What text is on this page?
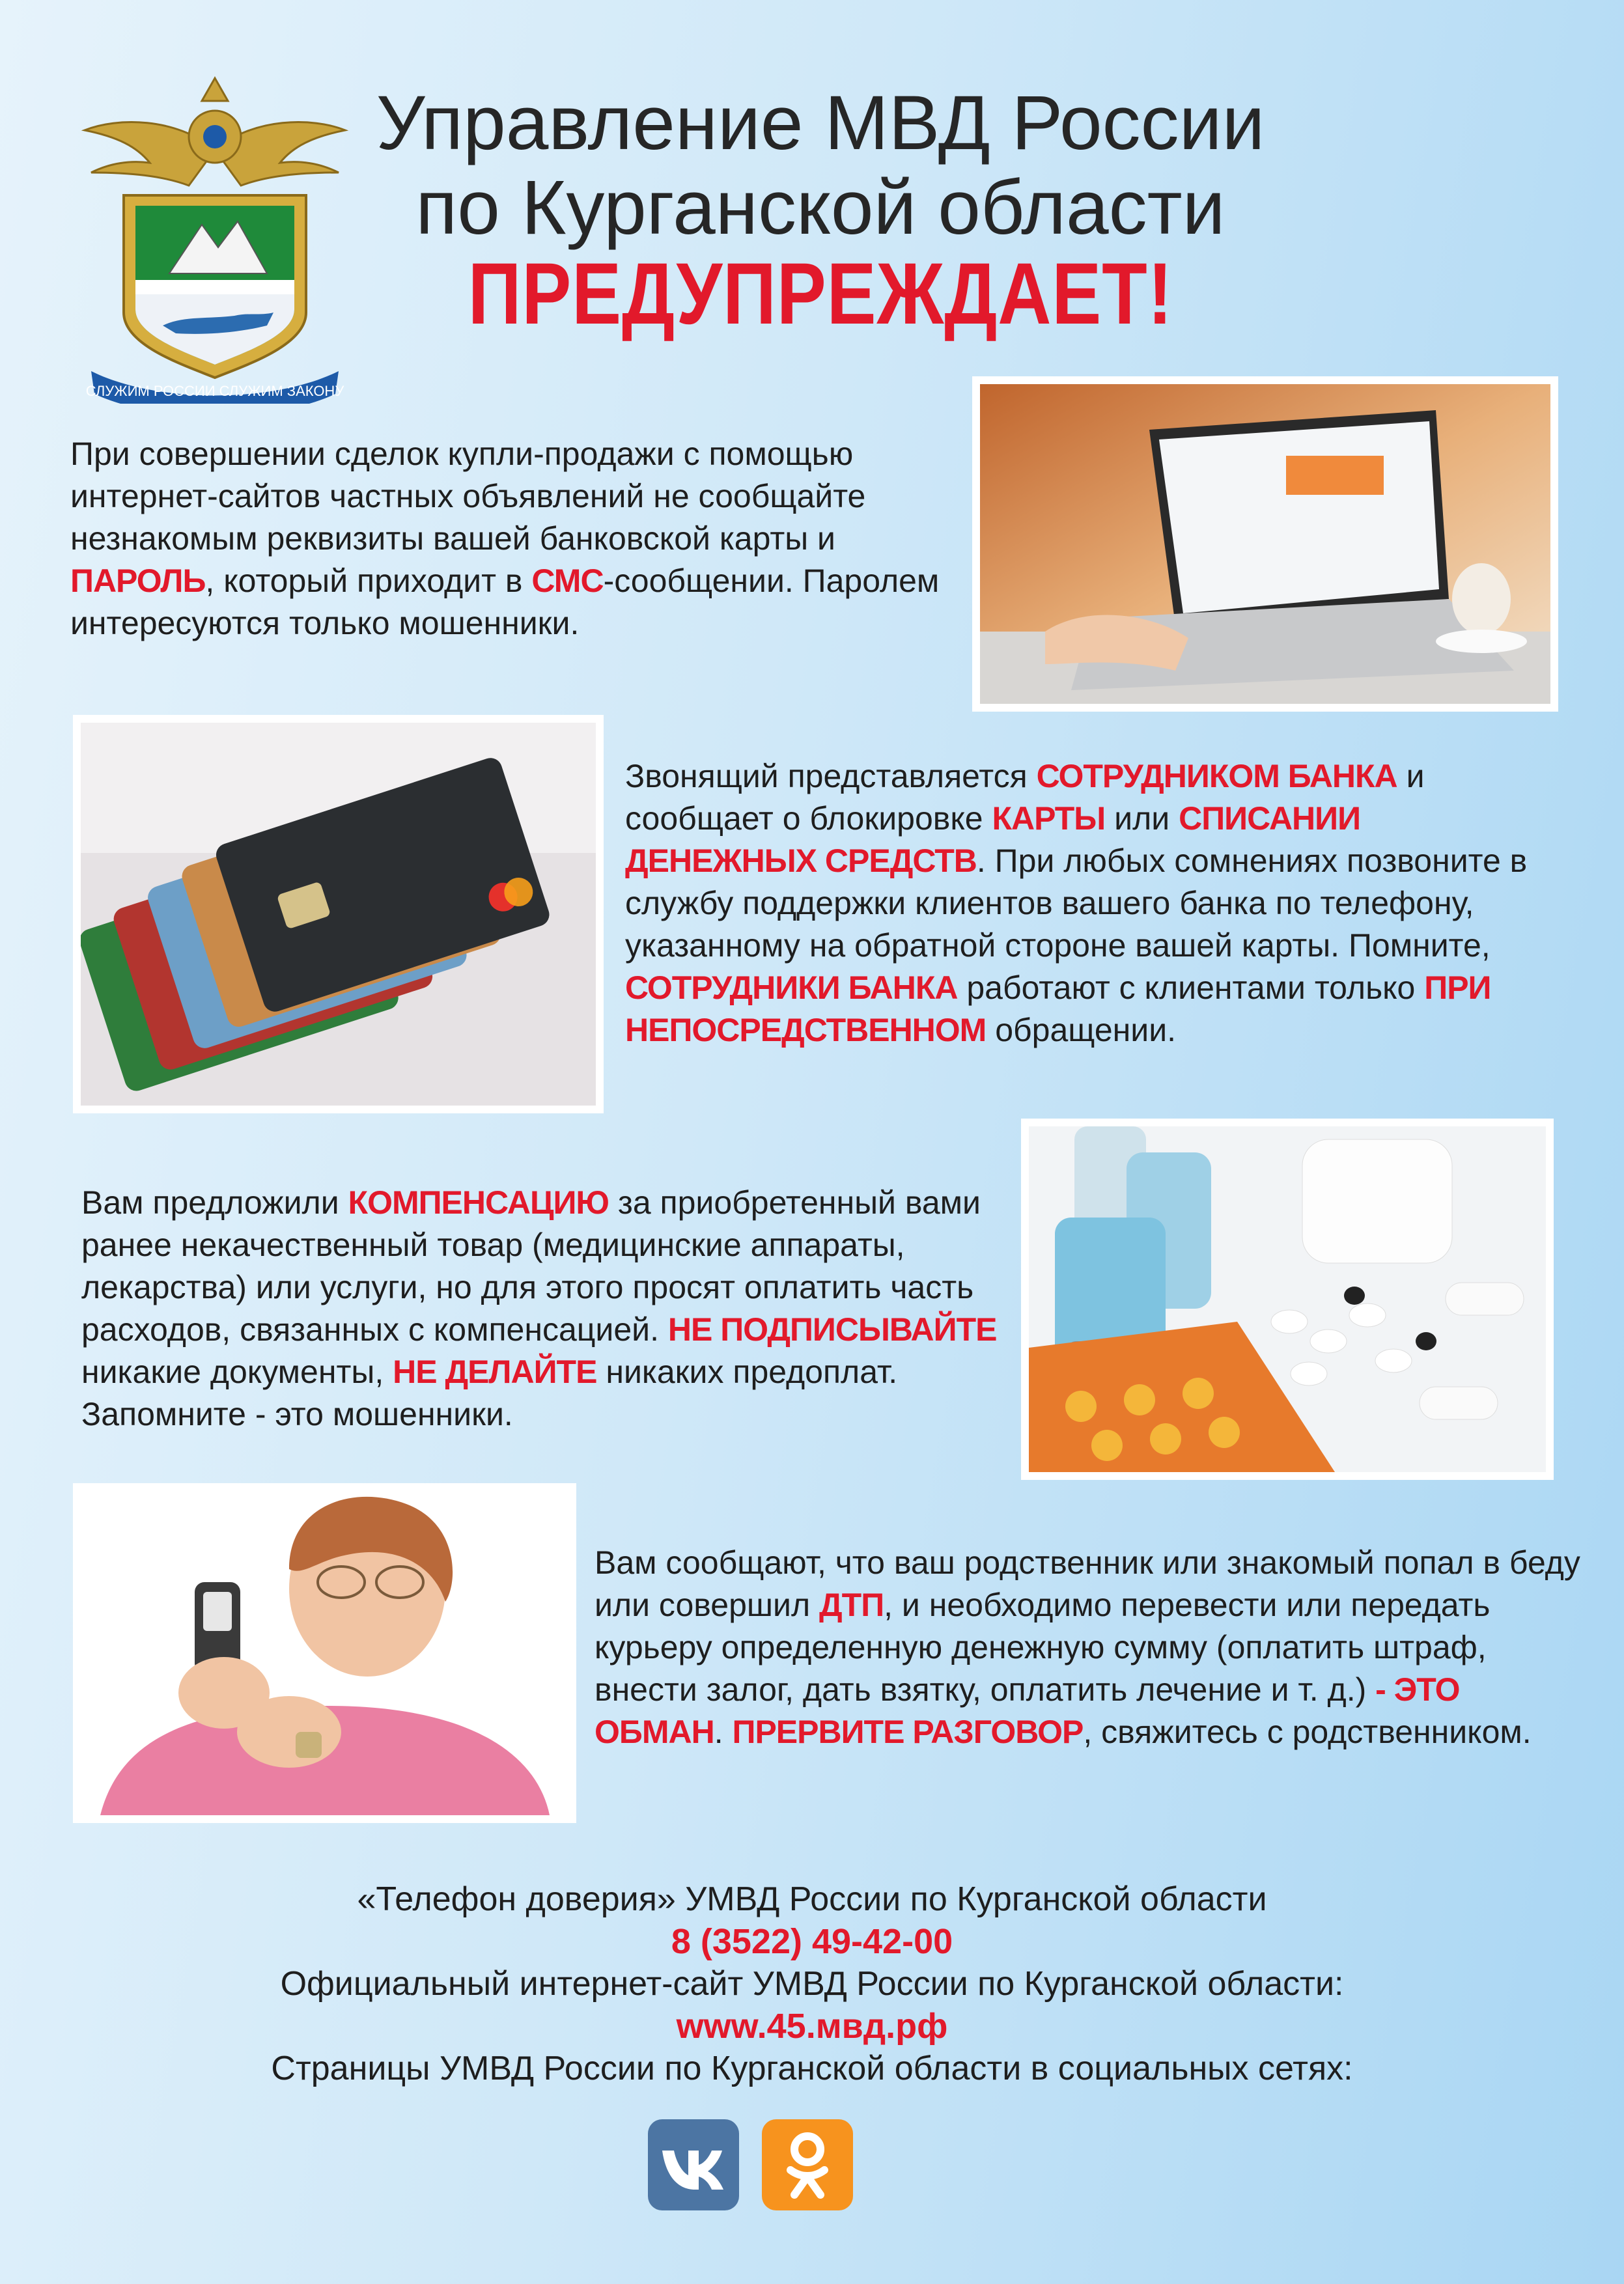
СЛУЖИМ РОССИИ СЛУЖИМ ЗАКОНУ
Управление МВД России
по Курганской области
ПРЕДУПРЕЖДАЕТ!
При совершении сделок купли-продажи с помощью интернет-сайтов частных объявлений не сообщайте незнакомым реквизиты вашей банковской карты и ПАРОЛЬ, который приходит в СМС-сообщении. Паролем интересуются только мошенники.
Звонящий представляется СОТРУДНИКОМ БАНКА и сообщает о блокировке КАРТЫ или СПИСАНИИ ДЕНЕЖНЫХ СРЕДСТВ. При любых сомнениях позвоните в службу поддержки клиентов вашего банка по телефону, указанному на обратной стороне вашей карты. Помните, СОТРУДНИКИ БАНКА работают с клиентами только ПРИ НЕПОСРЕДСТВЕННОМ обращении.
Вам предложили КОМПЕНСАЦИЮ за приобретенный вами ранее некачественный товар (медицинские аппараты, лекарства) или услуги, но для этого просят оплатить часть расходов, связанных с компенсацией. НЕ ПОДПИСЫВАЙТЕ никакие документы, НЕ ДЕЛАЙТЕ никаких предоплат. Запомните - это мошенники.
Вам сообщают, что ваш родственник или знакомый попал в беду или совершил ДТП, и необходимо перевести или передать курьеру определенную денежную сумму (оплатить штраф, внести залог, дать взятку, оплатить лечение и т. д.) - ЭТО ОБМАН. ПРЕРВИТЕ РАЗГОВОР, свяжитесь с родственником.
«Телефон доверия» УМВД России по Курганской области
8 (3522) 49-42-00
Официальный интернет-сайт УМВД России по Курганской области:
www.45.мвд.рф
Страницы УМВД России по Курганской области в социальных сетях:
